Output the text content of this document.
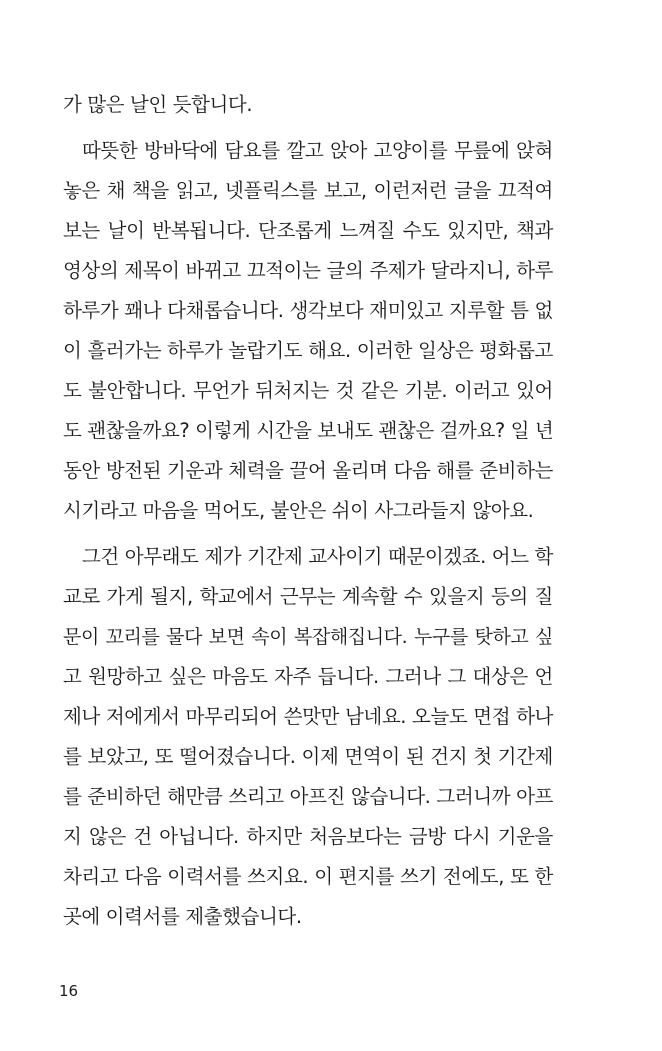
가 많은 날인 듯합니다.
따뜻한 방바닥에 담요를 깔고 앉아 고양이를 무릎에 앉혀
놓은 채 책을 읽고, 넷플릭스를 보고, 이런저런 글을 끄적여
보는 날이 반복됩니다. 단조롭게 느껴질 수도 있지만, 책과
영상의 제목이 바뀌고 끄적이는 글의 주제가 달라지니, 하루
하루가 꽤나 다채롭습니다. 생각보다 재미있고 지루할 틈 없
이 흘러가는 하루가 놀랍기도 해요. 이러한 일상은 평화롭고
도 불안합니다. 무언가 뒤처지는 것 같은 기분. 이러고 있어
도 괜찮을까요? 이렇게 시간을 보내도 괜찮은 걸까요? 일 년
동안 방전된 기운과 체력을 끌어 올리며 다음 해를 준비하는
시기라고 마음을 먹어도, 불안은 쉬이 사그라들지 않아요.
그건 아무래도 제가 기간제 교사이기 때문이겠죠. 어느 학
교로 가게 될지, 학교에서 근무는 계속할 수 있을지 등의 질
문이 꼬리를 물다 보면 속이 복잡해집니다. 누구를 탓하고 싶
고 원망하고 싶은 마음도 자주 듭니다. 그러나 그 대상은 언
제나 저에게서 마무리되어 쓴맛만 남네요. 오늘도 면접 하나
를 보았고, 또 떨어졌습니다. 이제 면역이 된 건지 첫 기간제
를 준비하던 해만큼 쓰리고 아프진 않습니다. 그러니까 아프
지 않은 건 아닙니다. 하지만 처음보다는 금방 다시 기운을
차리고 다음 이력서를 쓰지요. 이 편지를 쓰기 전에도, 또 한
곳에 이력서를 제출했습니다.
16
